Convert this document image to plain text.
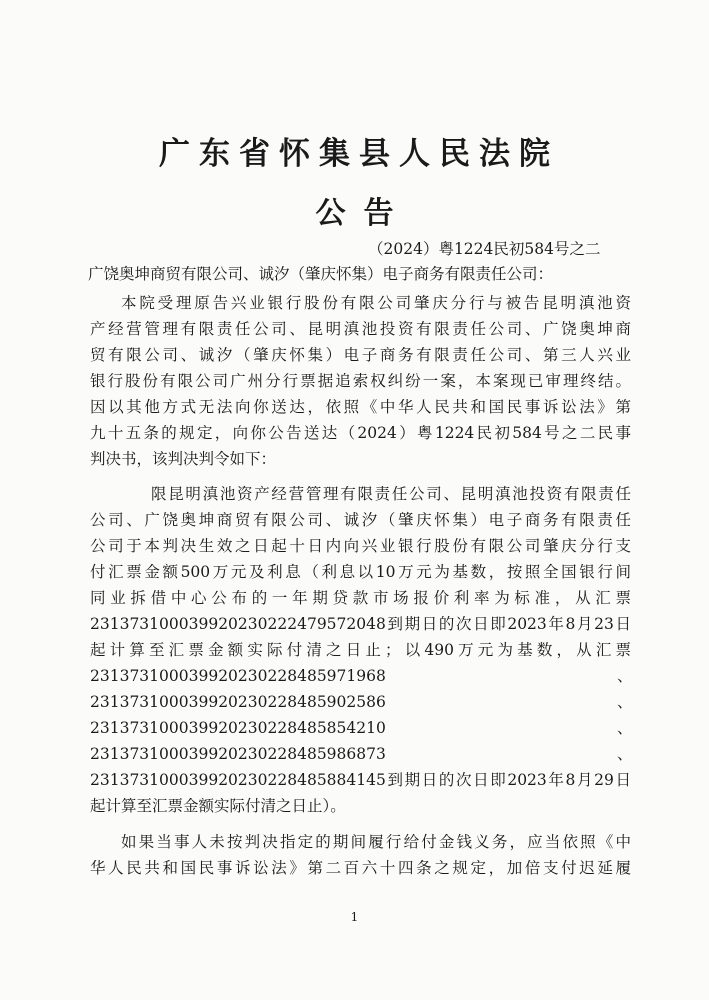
广东省怀集县人民法院
公告
（2024）粤1224民初584号之二
广饶奥坤商贸有限公司、诚汐（肇庆怀集）电子商务有限责任公司：
本院受理原告兴业银行股份有限公司肇庆分行与被告昆明滇池资
产经营管理有限责任公司、昆明滇池投资有限责任公司、广饶奥坤商
贸有限公司、诚汐（肇庆怀集）电子商务有限责任公司、第三人兴业
银行股份有限公司广州分行票据追索权纠纷一案，本案现已审理终结。
因以其他方式无法向你送达，依照《中华人民共和国民事诉讼法》第
九十五条的规定，向你公告送达（2024）粤1224民初584号之二民事
判决书，该判决判令如下：
限昆明滇池资产经营管理有限责任公司、昆明滇池投资有限责任
公司、广饶奥坤商贸有限公司、诚汐（肇庆怀集）电子商务有限责任
公司于本判决生效之日起十日内向兴业银行股份有限公司肇庆分行支
付汇票金额500万元及利息（利息以10万元为基数，按照全国银行间
同业拆借中心公布的一年期贷款市场报价利率为标准，从汇票
231373100039920230222479572048到期日的次日即2023年8月23日
起计算至汇票金额实际付清之日止；以490万元为基数，从汇票
231373100039920230228485971968	、
231373100039920230228485902586	、
231373100039920230228485854210	、
231373100039920230228485986873	、
231373100039920230228485884145到期日的次日即2023年8月29日
起计算至汇票金额实际付清之日止）。
如果当事人未按判决指定的期间履行给付金钱义务，应当依照《中
华人民共和国民事诉讼法》第二百六十四条之规定，加倍支付迟延履
1
